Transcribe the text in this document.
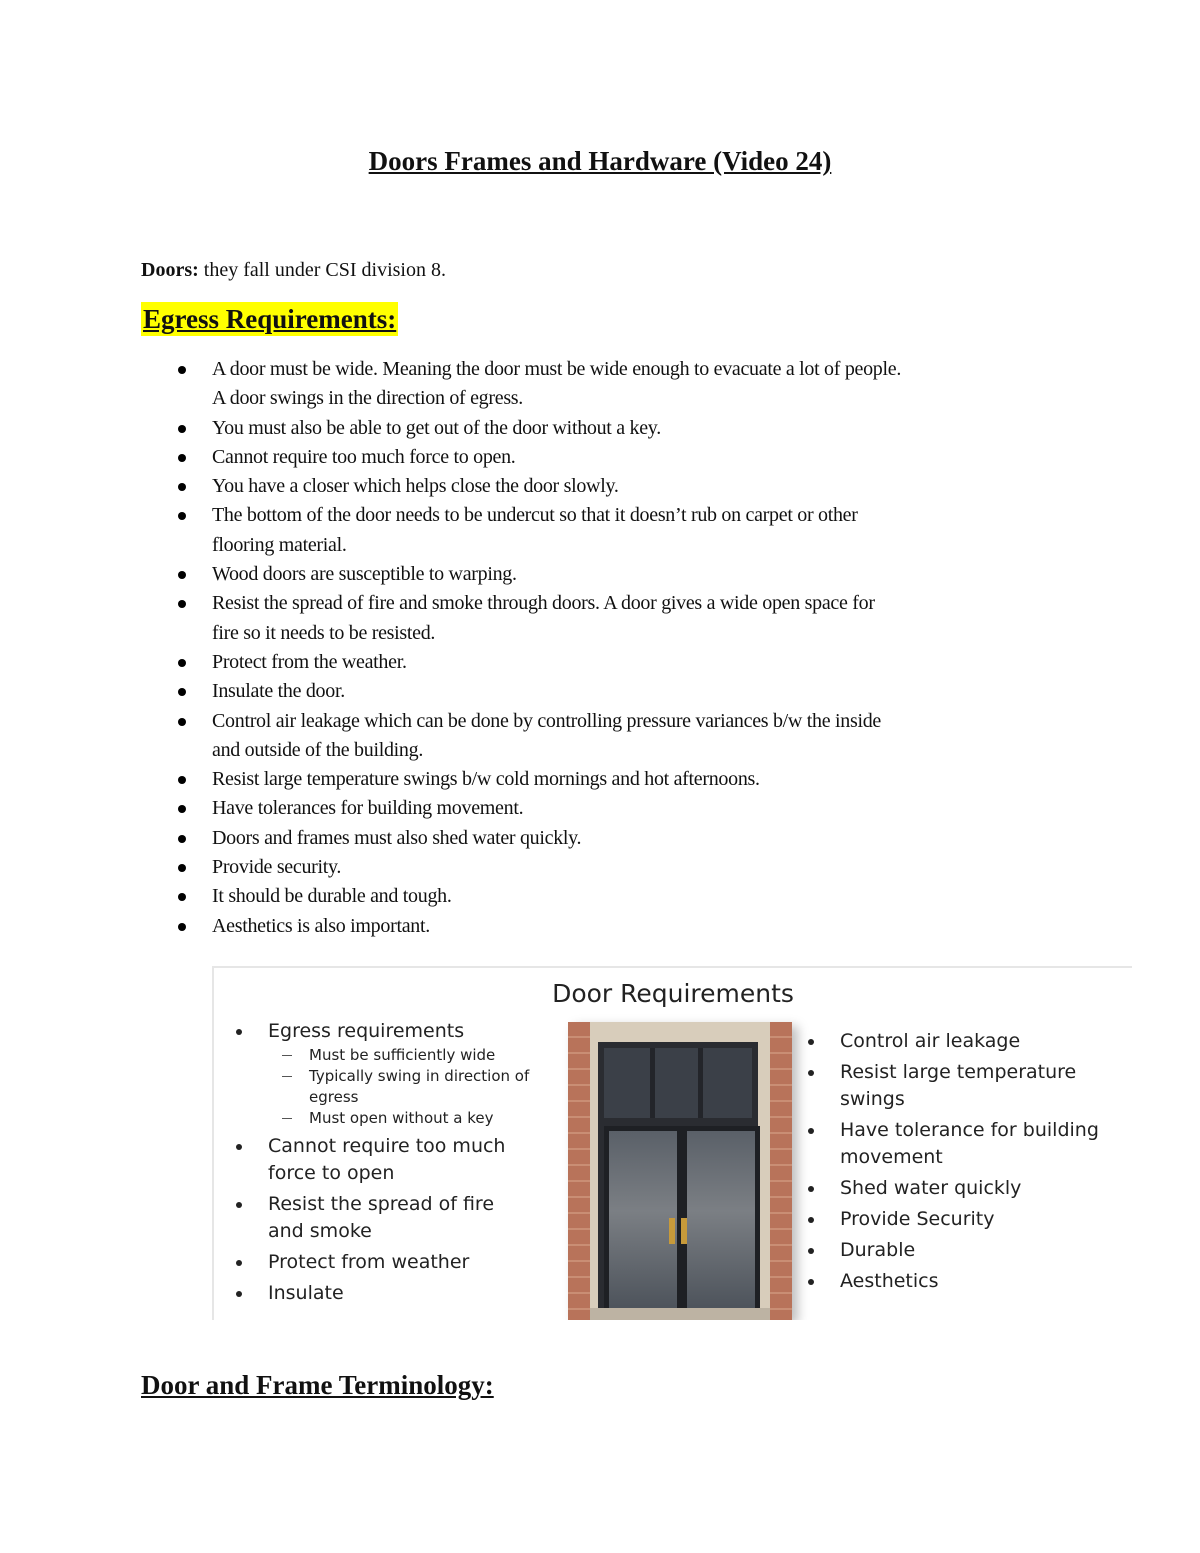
Doors Frames and Hardware (Video 24)
Doors: they fall under CSI division 8.
Egress Requirements:
A door must be wide. Meaning the door must be wide enough to evacuate a lot of people.
A door swings in the direction of egress.
You must also be able to get out of the door without a key.
Cannot require too much force to open.
You have a closer which helps close the door slowly.
The bottom of the door needs to be undercut so that it doesn’t rub on carpet or other
flooring material.
Wood doors are susceptible to warping.
Resist the spread of fire and smoke through doors. A door gives a wide open space for
fire so it needs to be resisted.
Protect from the weather.
Insulate the door.
Control air leakage which can be done by controlling pressure variances b/w the inside
and outside of the building.
Resist large temperature swings b/w cold mornings and hot afternoons.
Have tolerances for building movement.
Doors and frames must also shed water quickly.
Provide security.
It should be durable and tough.
Aesthetics is also important.
Door Requirements
Egress requirements
Must be sufficiently wide
Typically swing in direction of egress
Must open without a key
Cannot require too much
force to open
Resist the spread of fire
and smoke
Protect from weather
Insulate
Control air leakage
Resist large temperature
swings
Have tolerance for building
movement
Shed water quickly
Provide Security
Durable
Aesthetics
Door and Frame Terminology:
